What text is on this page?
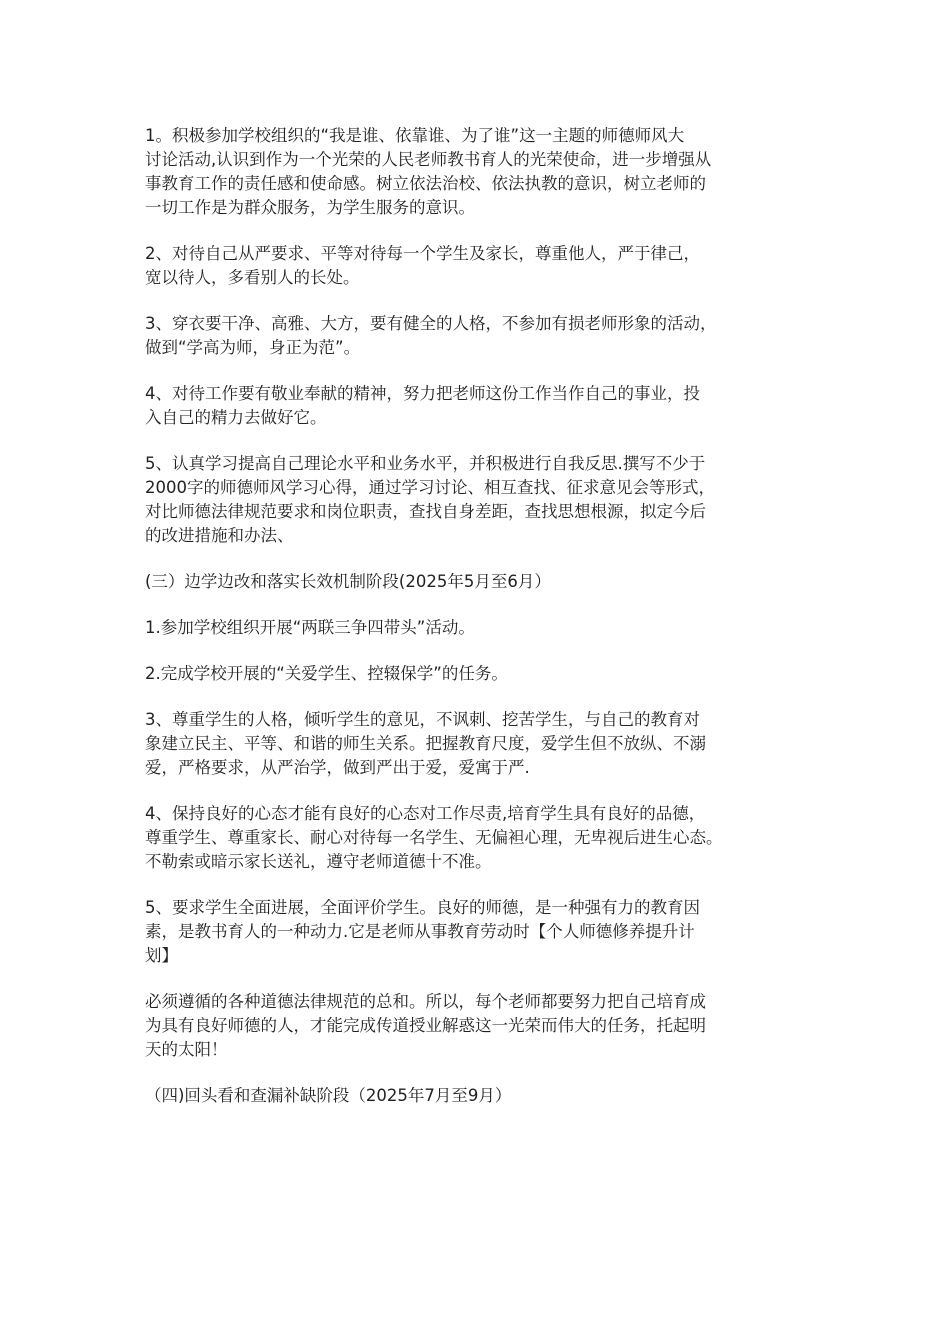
1。积极参加学校组织的“我是谁、依靠谁、为了谁”这一主题的师德师风大
讨论活动,认识到作为一个光荣的人民老师教书育人的光荣使命，进一步增强从
事教育工作的责任感和使命感。树立依法治校、依法执教的意识，树立老师的
一切工作是为群众服务，为学生服务的意识。

2、对待自己从严要求、平等对待每一个学生及家长，尊重他人，严于律己，
宽以待人，多看别人的长处。

3、穿衣要干净、高雅、大方，要有健全的人格，不参加有损老师形象的活动，
做到“学高为师，身正为范”。

4、对待工作要有敬业奉献的精神，努力把老师这份工作当作自己的事业，投
入自己的精力去做好它。

5、认真学习提高自己理论水平和业务水平，并积极进行自我反思.撰写不少于
2000字的师德师风学习心得，通过学习讨论、相互查找、征求意见会等形式，
对比师德法律规范要求和岗位职责，查找自身差距，查找思想根源，拟定今后
的改进措施和办法、

(三）边学边改和落实长效机制阶段(2025年5月至6月）

1.参加学校组织开展“两联三争四带头”活动。

2.完成学校开展的“关爱学生、控辍保学”的任务。

3、尊重学生的人格，倾听学生的意见，不讽刺、挖苦学生，与自己的教育对
象建立民主、平等、和谐的师生关系。把握教育尺度，爱学生但不放纵、不溺
爱，严格要求，从严治学，做到严出于爱，爱寓于严.

4、保持良好的心态才能有良好的心态对工作尽责,培育学生具有良好的品德，
尊重学生、尊重家长、耐心对待每一名学生、无偏袒心理，无卑视后进生心态。
不勒索或暗示家长送礼，遵守老师道德十不准。

5、要求学生全面进展，全面评价学生。良好的师德，是一种强有力的教育因
素，是教书育人的一种动力.它是老师从事教育劳动时【个人师德修养提升计
划】

必须遵循的各种道德法律规范的总和。所以，每个老师都要努力把自己培育成
为具有良好师德的人，才能完成传道授业解惑这一光荣而伟大的任务，托起明
天的太阳！

（四)回头看和查漏补缺阶段（2025年7月至9月）
